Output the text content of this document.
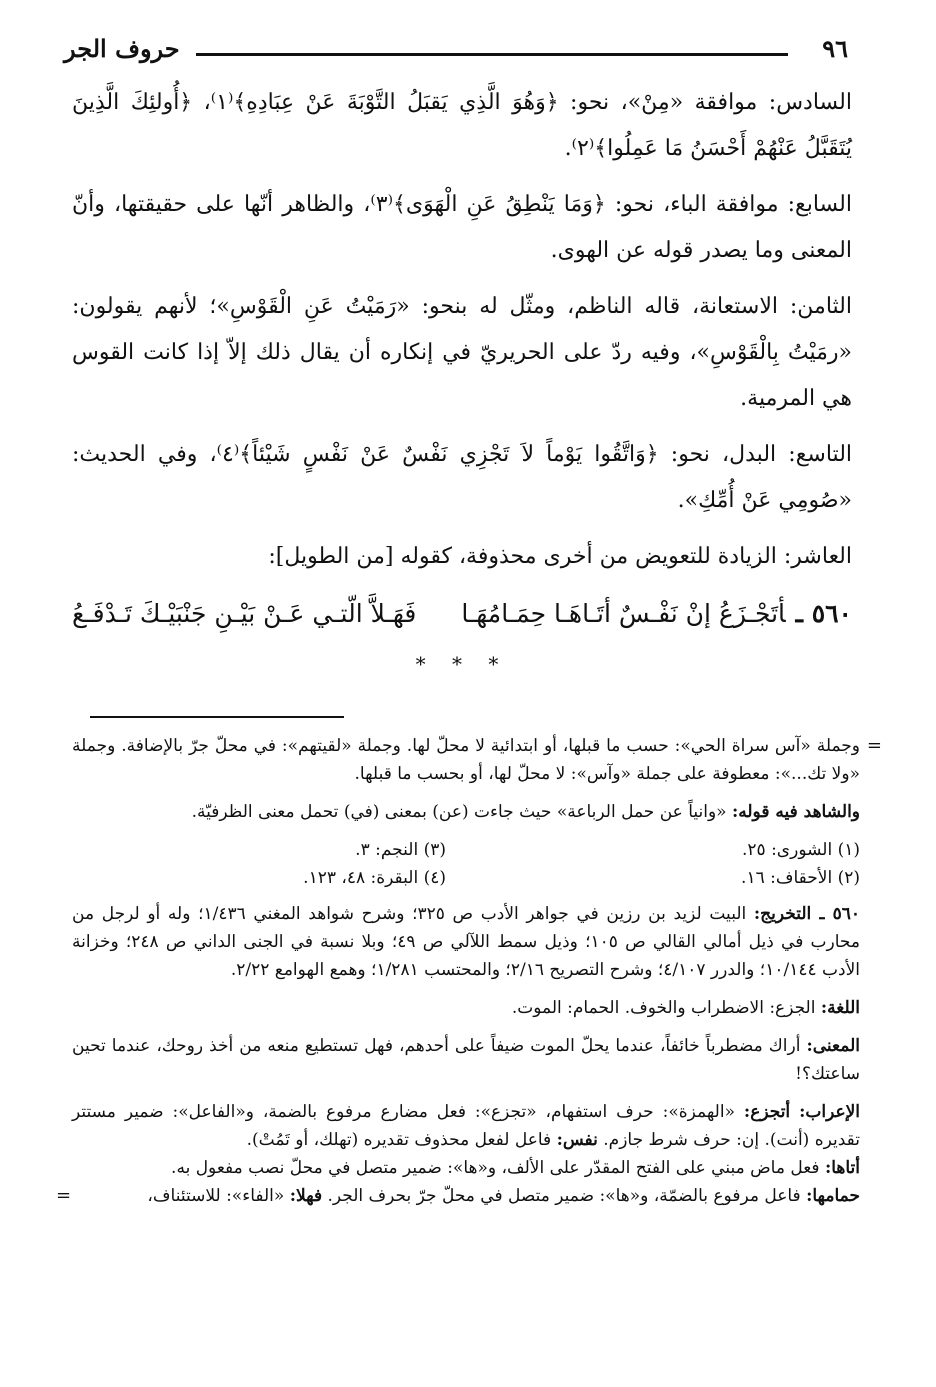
٩٦
حروف الجر

السادس: موافقة «مِنْ»، نحو: ﴿وَهُوَ الَّذِي يَقبَلُ التَّوْبَةَ عَنْ عِبَادِهِ﴾⁽١⁾، ﴿أُولئِكَ الَّذِينَ يُتَقَبَّلُ عَنْهُمْ أَحْسَنُ مَا عَمِلُوا﴾⁽٢⁾.

السابع: موافقة الباء، نحو: ﴿وَمَا يَنْطِقُ عَنِ الْهَوَى﴾⁽٣⁾، والظاهر أنّها على حقيقتها، وأنّ المعنى وما يصدر قوله عن الهوى.

الثامن: الاستعانة، قاله الناظم، ومثّل له بنحو: «رَمَيْتُ عَنِ الْقَوْسِ»؛ لأنهم يقولون: «رمَيْتُ بِالْقَوْسِ»، وفيه ردّ على الحريريّ في إنكاره أن يقال ذلك إلاّ إذا كانت القوس هي المرمية.

التاسع: البدل، نحو: ﴿وَاتَّقُوا يَوْماً لاَ تَجْزِي نَفْسٌ عَنْ نَفْسٍ شَيْئاً﴾⁽٤⁾، وفي الحديث: «صُومِي عَنْ أُمِّكِ».

العاشر: الزيادة للتعويض من أخرى محذوفة، كقوله [من الطويل]:

٥٦٠ ـأتَجْـزَعُ إنْ نَفْـسٌ أتَـاهَـا حِمَـامُهَـا
فَهَـلاَّ الّتـي عَـنْ بَيْـنِ جَنْبَيْـكَ تَـدْفَـعُ
* * *
=

وجملة «آس سراة الحي»: حسب ما قبلها، أو ابتدائية لا محلّ لها. وجملة «لقيتهم»: في محلّ جرّ بالإضافة. وجملة «ولا تك...»: معطوفة على جملة «وآس»: لا محلّ لها، أو بحسب ما قبلها.

والشاهد فيه قوله: «وانياً عن حمل الرباعة» حيث جاءت (عن) بمعنى (في) تحمل معنى الظرفيّة.

(١) الشورى: ٢٥.
(٣) النجم: ٣.
(٢) الأحقاف: ١٦.
(٤) البقرة: ٤٨، ١٢٣.

٥٦٠ ـ التخريج: البيت لزيد بن رزين في جواهر الأدب ص ٣٢٥؛ وشرح شواهد المغني ١/٤٣٦؛ وله أو لرجل من محارب في ذيل أمالي القالي ص ١٠٥؛ وذيل سمط اللآلي ص ٤٩؛ وبلا نسبة في الجنى الداني ص ٢٤٨؛ وخزانة الأدب ١٠/١٤٤؛ والدرر ٤/١٠٧؛ وشرح التصريح ٢/١٦؛ والمحتسب ١/٢٨١؛ وهمع الهوامع ٢/٢٢.

اللغة: الجزع: الاضطراب والخوف. الحمام: الموت.

المعنى: أراك مضطرباً خائفاً، عندما يحلّ الموت ضيفاً على أحدهم، فهل تستطيع منعه من أخذ روحك، عندما تحين ساعتك؟!

الإعراب: أتجزع: «الهمزة»: حرف استفهام، «تجزع»: فعل مضارع مرفوع بالضمة، و«الفاعل»: ضمير مستتر تقديره (أنت). إن: حرف شرط جازم. نفس: فاعل لفعل محذوف تقديره (تهلك، أو تَمُتْ).
أتاها: فعل ماض مبني على الفتح المقدّر على الألف، و«ها»: ضمير متصل في محلّ نصب مفعول به.
حمامها: فاعل مرفوع بالضمّة، و«ها»: ضمير متصل في محلّ جرّ بحرف الجر. فهلا: «الفاء»: للاستئناف،
=
